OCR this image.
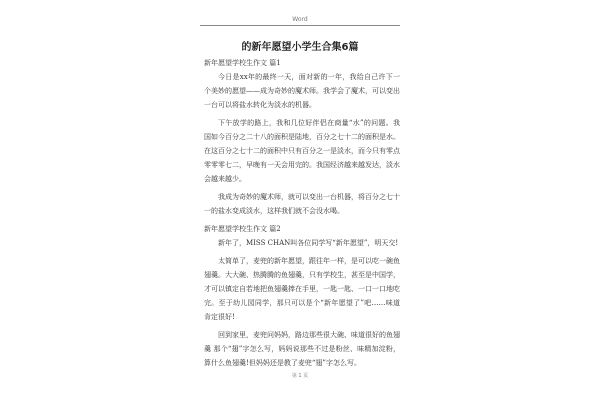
Word
的新年愿望小学生合集6篇

新年愿望学校生作文 篇1

今日是xx年的最终一天，面对新的一年，我给自己许下一个美妙的愿望——成为奇妙的魔术师。我学会了魔术，可以变出一台可以将盐水转化为淡水的机器。

下午放学的路上，我和几位好伴侣在商量“水”的问题。我国如今百分之二十八的面积是陆地，百分之七十二的面积是水。在这百分之七十二的面积中只有百分之一是淡水，而今只有零点零零零七二，早晚有一天会用完的。我国经济越来越发达，淡水会越来越少。

我成为奇妙的魔术师，就可以变出一台机器，将百分之七十一的盐水变成淡水，这样我们就不会没水喝。

新年愿望学校生作文 篇2

新年了，MISS CHAN叫各位同学写“新年愿望”，明天交!

太简单了，麦兜的新年愿望，跟往年一样，是可以吃一碗鱼翅羹。大大碗、热腾腾的鱼翅羹，只有学校生，甚至是中国学，才可以镇定自若地把鱼翅羹捧在手里，一匙一匙、一口一口地吃完。至于幼儿园同学，那只可以是个“新年愿望了”吧……味道肯定很好!

回到家里，麦兜问妈妈，路边那些很大碗、味道很好的鱼翅羹 那个“翅”字怎么写，妈妈说那些不过是粉丝、味精加淀粉，算什么鱼翅羹!但妈妈还是教了麦兜“翅”字怎么写。

第 1 页
